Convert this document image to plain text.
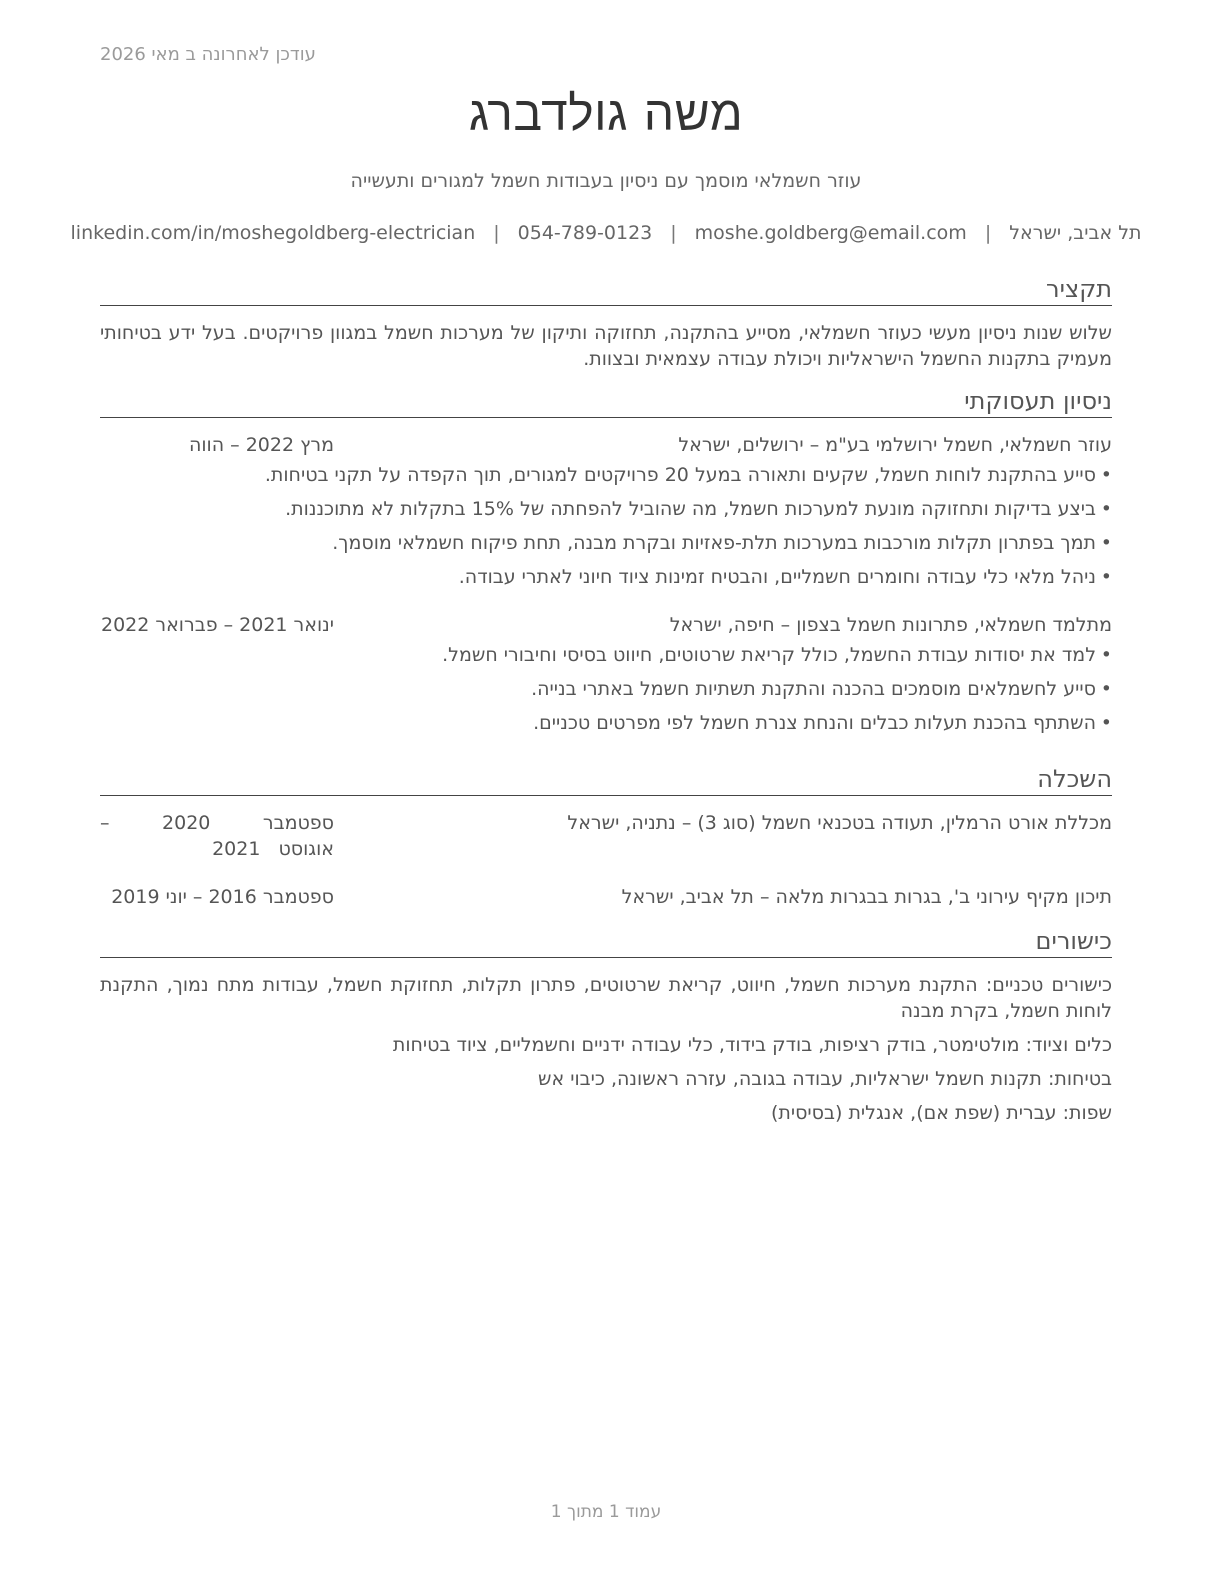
עודכן לאחרונה ב מאי 2026
משה גולדברג
עוזר חשמלאי מוסמך עם ניסיון בעבודות חשמל למגורים ותעשייה
תל אביב, ישראל
|
moshe.goldberg@email.com
|
054-789-0123
|
linkedin.com/in/moshegoldberg-electrician
תקציר
שלוש שנות ניסיון מעשי כעוזר חשמלאי, מסייע בהתקנה, תחזוקה ותיקון של מערכות חשמל במגוון פרויקטים. בעל ידע בטיחותי מעמיק בתקנות החשמל הישראליות ויכולת עבודה עצמאית ובצוות.
ניסיון תעסוקתי
עוזר חשמלאי, חשמל ירושלמי בע"מ – ירושלים, ישראל
מרץ 2022 – הווה
•
סייע בהתקנת לוחות חשמל, שקעים ותאורה במעל 20 פרויקטים למגורים, תוך הקפדה על תקני בטיחות.
•
ביצע בדיקות ותחזוקה מונעת למערכות חשמל, מה שהוביל להפחתה של 15% בתקלות לא מתוכננות.
•
תמך בפתרון תקלות מורכבות במערכות תלת-פאזיות ובקרת מבנה, תחת פיקוח חשמלאי מוסמך.
•
ניהל מלאי כלי עבודה וחומרים חשמליים, והבטיח זמינות ציוד חיוני לאתרי עבודה.
מתלמד חשמלאי, פתרונות חשמל בצפון – חיפה, ישראל
ינואר 2021 – פברואר 2022
•
למד את יסודות עבודת החשמל, כולל קריאת שרטוטים, חיווט בסיסי וחיבורי חשמל.
•
סייע לחשמלאים מוסמכים בהכנה והתקנת תשתיות חשמל באתרי בנייה.
•
השתתף בהכנת תעלות כבלים והנחת צנרת חשמל לפי מפרטים טכניים.
השכלה
מכללת אורט הרמלין, תעודה בטכנאי חשמל (סוג 3) – נתניה, ישראל
ספטמבר 2020 – אוגוסט 2021
תיכון מקיף עירוני ב', בגרות בבגרות מלאה – תל אביב, ישראל
ספטמבר 2016 – יוני 2019
כישורים
כישורים טכניים: התקנת מערכות חשמל, חיווט, קריאת שרטוטים, פתרון תקלות, תחזוקת חשמל, עבודות מתח נמוך, התקנת לוחות חשמל, בקרת מבנה
כלים וציוד: מולטימטר, בודק רציפות, בודק בידוד, כלי עבודה ידניים וחשמליים, ציוד בטיחות
בטיחות: תקנות חשמל ישראליות, עבודה בגובה, עזרה ראשונה, כיבוי אש
שפות: עברית (שפת אם), אנגלית (בסיסית)
עמוד 1 מתוך 1
